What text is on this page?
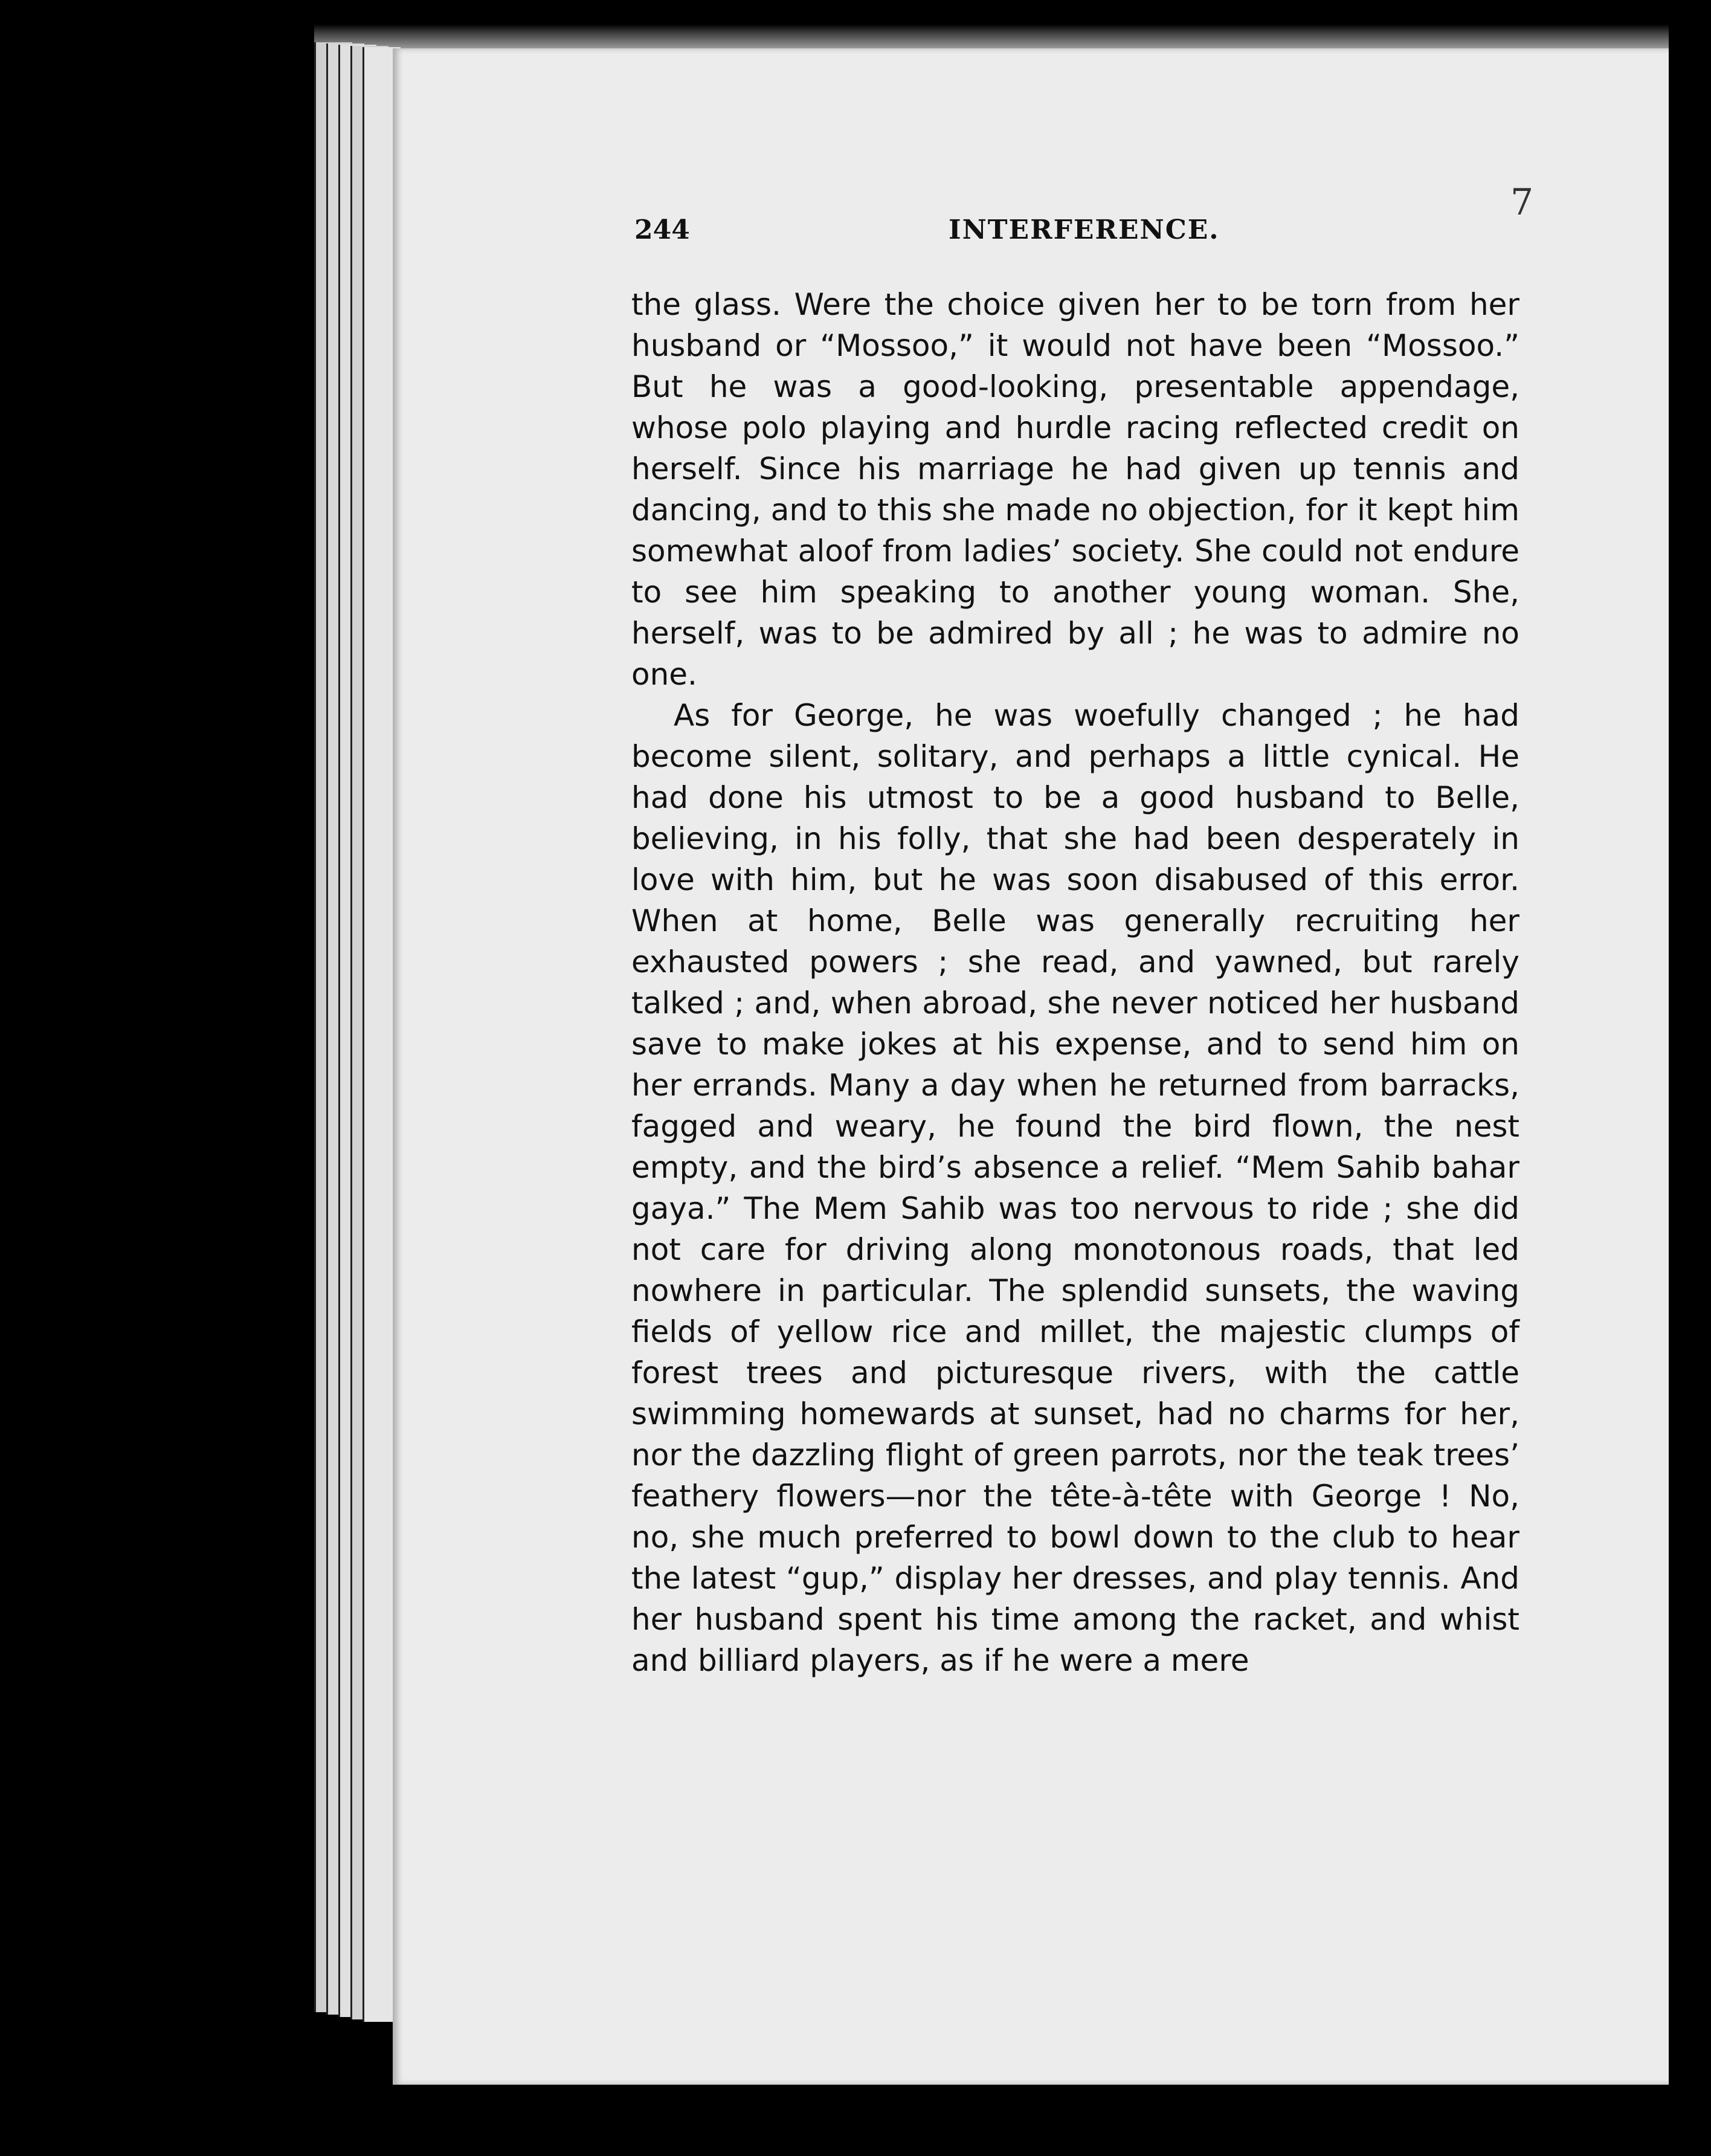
244	INTERFERENCE.
7

the glass. Were the choice given her to be torn from her husband or “Mossoo,” it would not have been “Mossoo.” But he was a good-looking, presentable appendage, whose polo playing and hurdle racing reflected credit on herself. Since his marriage he had given up tennis and dancing, and to this she made no objection, for it kept him somewhat aloof from ladies’ society. She could not endure to see him speaking to another young woman. She, herself, was to be admired by all ; he was to admire no one.

As for George, he was woefully changed ; he had become silent, solitary, and perhaps a little cynical. He had done his utmost to be a good husband to Belle, believing, in his folly, that she had been desperately in love with him, but he was soon disabused of this error. When at home, Belle was generally recruiting her exhausted powers ; she read, and yawned, but rarely talked ; and, when abroad, she never noticed her husband save to make jokes at his expense, and to send him on her errands. Many a day when he returned from barracks, fagged and weary, he found the bird flown, the nest empty, and the bird’s absence a relief. “Mem Sahib bahar gaya.” The Mem Sahib was too nervous to ride ; she did not care for driving along monotonous roads, that led nowhere in particular. The splendid sunsets, the waving fields of yellow rice and millet, the majestic clumps of forest trees and picturesque rivers, with the cattle swimming homewards at sunset, had no charms for her, nor the dazzling flight of green parrots, nor the teak trees’ feathery flowers—nor the tête-à-tête with George ! No, no, she much preferred to bowl down to the club to hear the latest “gup,” display her dresses, and play tennis. And her husband spent his time among the racket, and whist and billiard players, as if he were a mere
